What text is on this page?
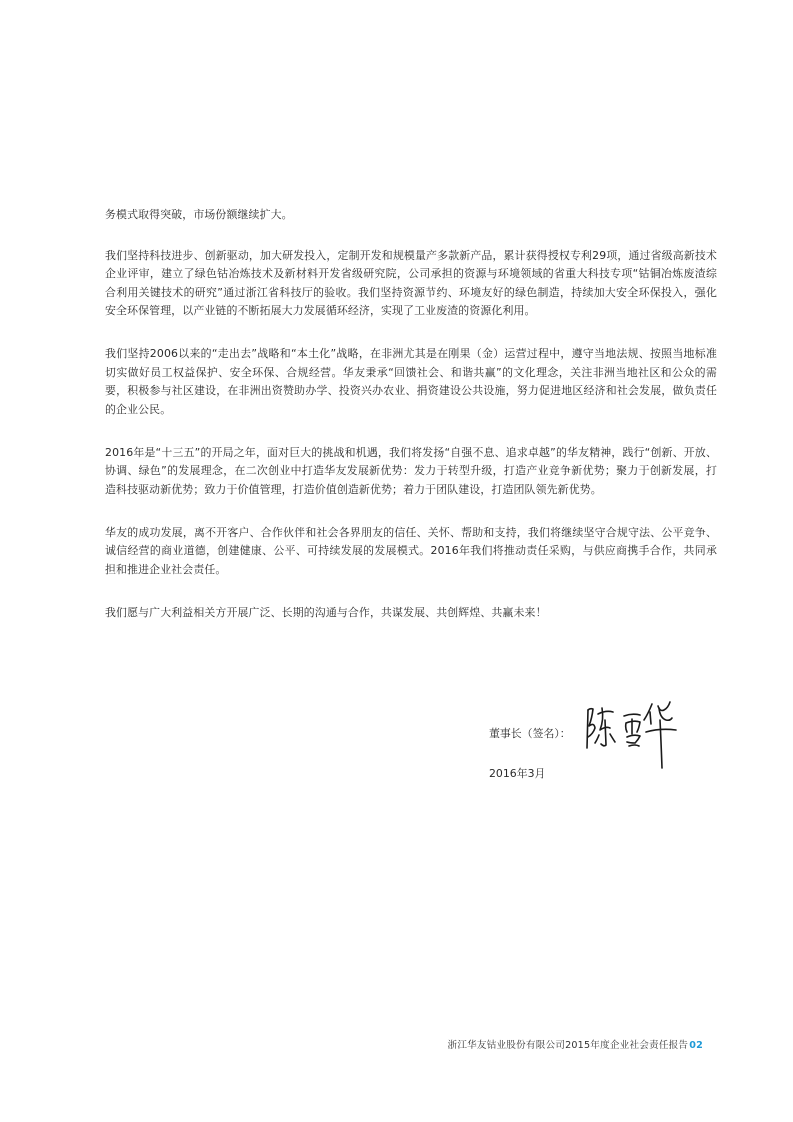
务模式取得突破，市场份额继续扩大。

我们坚持科技进步、创新驱动，加大研发投入，定制开发和规模量产多款新产品，累计获得授权专利29项，通过省级高新技术企业评审，建立了绿色钴冶炼技术及新材料开发省级研究院，公司承担的资源与环境领域的省重大科技专项“钴铜冶炼废渣综合利用关键技术的研究”通过浙江省科技厅的验收。我们坚持资源节约、环境友好的绿色制造，持续加大安全环保投入，强化安全环保管理，以产业链的不断拓展大力发展循环经济，实现了工业废渣的资源化利用。

我们坚持2006以来的“走出去”战略和“本土化”战略，在非洲尤其是在刚果（金）运营过程中，遵守当地法规、按照当地标准切实做好员工权益保护、安全环保、合规经营。华友秉承“回馈社会、和谐共赢”的文化理念，关注非洲当地社区和公众的需要，积极参与社区建设，在非洲出资赞助办学、投资兴办农业、捐资建设公共设施，努力促进地区经济和社会发展，做负责任的企业公民。

2016年是“十三五”的开局之年，面对巨大的挑战和机遇，我们将发扬“自强不息、追求卓越”的华友精神，践行“创新、开放、协调、绿色”的发展理念，在二次创业中打造华友发展新优势：发力于转型升级，打造产业竞争新优势；聚力于创新发展，打造科技驱动新优势；致力于价值管理，打造价值创造新优势；着力于团队建设，打造团队领先新优势。

华友的成功发展，离不开客户、合作伙伴和社会各界朋友的信任、关怀、帮助和支持，我们将继续坚守合规守法、公平竞争、诚信经营的商业道德，创建健康、公平、可持续发展的发展模式。2016年我们将推动责任采购，与供应商携手合作，共同承担和推进企业社会责任。

我们愿与广大利益相关方开展广泛、长期的沟通与合作，共谋发展、共创辉煌、共赢未来！

董事长（签名）：
2016年3月
浙江华友钴业股份有限公司2015年度企业社会责任报告02
